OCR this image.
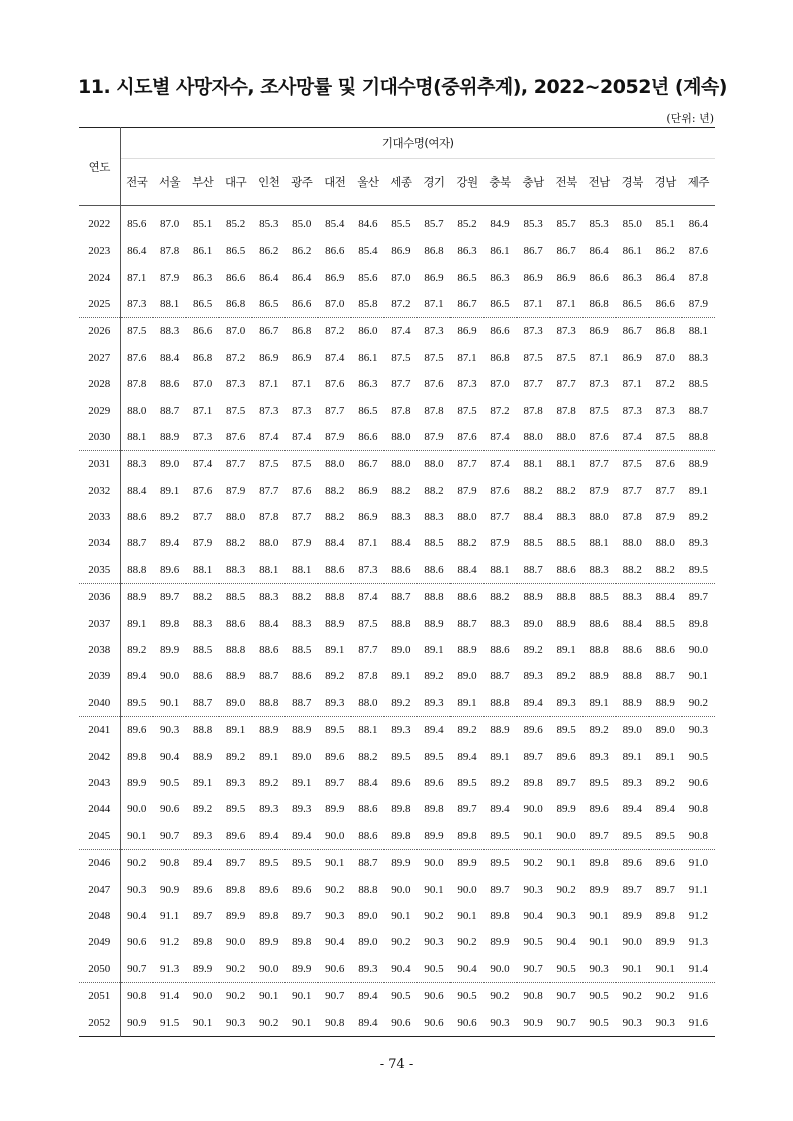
11. 시도별 사망자수, 조사망률 및 기대수명(중위추계), 2022~2052년 (계속)
(단위: 년)
연도	기대수명(여자)																	
	전국	서울	부산	대구	인천	광주	대전	울산	세종	경기	강원	충북	충남	전북	전남	경북	경남	제주
2022	85.6	87.0	85.1	85.2	85.3	85.0	85.4	84.6	85.5	85.7	85.2	84.9	85.3	85.7	85.3	85.0	85.1	86.4
2023	86.4	87.8	86.1	86.5	86.2	86.2	86.6	85.4	86.9	86.8	86.3	86.1	86.7	86.7	86.4	86.1	86.2	87.6
2024	87.1	87.9	86.3	86.6	86.4	86.4	86.9	85.6	87.0	86.9	86.5	86.3	86.9	86.9	86.6	86.3	86.4	87.8
2025	87.3	88.1	86.5	86.8	86.5	86.6	87.0	85.8	87.2	87.1	86.7	86.5	87.1	87.1	86.8	86.5	86.6	87.9
2026	87.5	88.3	86.6	87.0	86.7	86.8	87.2	86.0	87.4	87.3	86.9	86.6	87.3	87.3	86.9	86.7	86.8	88.1
2027	87.6	88.4	86.8	87.2	86.9	86.9	87.4	86.1	87.5	87.5	87.1	86.8	87.5	87.5	87.1	86.9	87.0	88.3
2028	87.8	88.6	87.0	87.3	87.1	87.1	87.6	86.3	87.7	87.6	87.3	87.0	87.7	87.7	87.3	87.1	87.2	88.5
2029	88.0	88.7	87.1	87.5	87.3	87.3	87.7	86.5	87.8	87.8	87.5	87.2	87.8	87.8	87.5	87.3	87.3	88.7
2030	88.1	88.9	87.3	87.6	87.4	87.4	87.9	86.6	88.0	87.9	87.6	87.4	88.0	88.0	87.6	87.4	87.5	88.8
2031	88.3	89.0	87.4	87.7	87.5	87.5	88.0	86.7	88.0	88.0	87.7	87.4	88.1	88.1	87.7	87.5	87.6	88.9
2032	88.4	89.1	87.6	87.9	87.7	87.6	88.2	86.9	88.2	88.2	87.9	87.6	88.2	88.2	87.9	87.7	87.7	89.1
2033	88.6	89.2	87.7	88.0	87.8	87.7	88.2	86.9	88.3	88.3	88.0	87.7	88.4	88.3	88.0	87.8	87.9	89.2
2034	88.7	89.4	87.9	88.2	88.0	87.9	88.4	87.1	88.4	88.5	88.2	87.9	88.5	88.5	88.1	88.0	88.0	89.3
2035	88.8	89.6	88.1	88.3	88.1	88.1	88.6	87.3	88.6	88.6	88.4	88.1	88.7	88.6	88.3	88.2	88.2	89.5
2036	88.9	89.7	88.2	88.5	88.3	88.2	88.8	87.4	88.7	88.8	88.6	88.2	88.9	88.8	88.5	88.3	88.4	89.7
2037	89.1	89.8	88.3	88.6	88.4	88.3	88.9	87.5	88.8	88.9	88.7	88.3	89.0	88.9	88.6	88.4	88.5	89.8
2038	89.2	89.9	88.5	88.8	88.6	88.5	89.1	87.7	89.0	89.1	88.9	88.6	89.2	89.1	88.8	88.6	88.6	90.0
2039	89.4	90.0	88.6	88.9	88.7	88.6	89.2	87.8	89.1	89.2	89.0	88.7	89.3	89.2	88.9	88.8	88.7	90.1
2040	89.5	90.1	88.7	89.0	88.8	88.7	89.3	88.0	89.2	89.3	89.1	88.8	89.4	89.3	89.1	88.9	88.9	90.2
2041	89.6	90.3	88.8	89.1	88.9	88.9	89.5	88.1	89.3	89.4	89.2	88.9	89.6	89.5	89.2	89.0	89.0	90.3
2042	89.8	90.4	88.9	89.2	89.1	89.0	89.6	88.2	89.5	89.5	89.4	89.1	89.7	89.6	89.3	89.1	89.1	90.5
2043	89.9	90.5	89.1	89.3	89.2	89.1	89.7	88.4	89.6	89.6	89.5	89.2	89.8	89.7	89.5	89.3	89.2	90.6
2044	90.0	90.6	89.2	89.5	89.3	89.3	89.9	88.6	89.8	89.8	89.7	89.4	90.0	89.9	89.6	89.4	89.4	90.8
2045	90.1	90.7	89.3	89.6	89.4	89.4	90.0	88.6	89.8	89.9	89.8	89.5	90.1	90.0	89.7	89.5	89.5	90.8
2046	90.2	90.8	89.4	89.7	89.5	89.5	90.1	88.7	89.9	90.0	89.9	89.5	90.2	90.1	89.8	89.6	89.6	91.0
2047	90.3	90.9	89.6	89.8	89.6	89.6	90.2	88.8	90.0	90.1	90.0	89.7	90.3	90.2	89.9	89.7	89.7	91.1
2048	90.4	91.1	89.7	89.9	89.8	89.7	90.3	89.0	90.1	90.2	90.1	89.8	90.4	90.3	90.1	89.9	89.8	91.2
2049	90.6	91.2	89.8	90.0	89.9	89.8	90.4	89.0	90.2	90.3	90.2	89.9	90.5	90.4	90.1	90.0	89.9	91.3
2050	90.7	91.3	89.9	90.2	90.0	89.9	90.6	89.3	90.4	90.5	90.4	90.0	90.7	90.5	90.3	90.1	90.1	91.4
2051	90.8	91.4	90.0	90.2	90.1	90.1	90.7	89.4	90.5	90.6	90.5	90.2	90.8	90.7	90.5	90.2	90.2	91.6
2052	90.9	91.5	90.1	90.3	90.2	90.1	90.8	89.4	90.6	90.6	90.6	90.3	90.9	90.7	90.5	90.3	90.3	91.6
- 74 -
